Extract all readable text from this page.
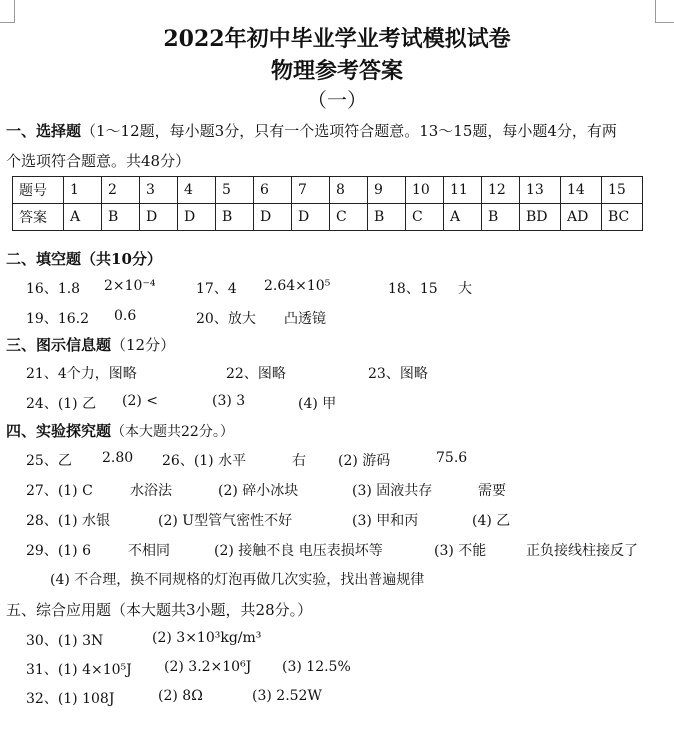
2022年初中毕业学业考试模拟试卷
物理参考答案
（一）
一、选择题（1～12题，每小题3分，只有一个选项符合题意。13～15题，每小题4分，有两
个选项符合题意。共48分）
题号	1	2	3	4	5	6	7	8	9	10	11	12	13	14	15
答案	A	B	D	D	B	D	D	C	B	C	A	B	BD	AD	BC
二、填空题（共10分）
16、1.8 2×10⁻⁴	17、4 2.64×10⁵	18、15 大
19、16.2 0.6	20、放大 凸透镜
三、图示信息题（12分）
21、4个力，图略	22、图略	23、图略
24、(1) 乙 (2) <	(3) 3	(4) 甲
四、实验探究题（本大题共22分。）
25、乙 2.80 26、(1) 水平	右 (2) 游码	75.6
27、(1) C	水浴法	(2) 碎小冰块	(3) 固液共存	需要
28、(1) 水银	(2) U型管气密性不好	(3) 甲和丙	(4) 乙
29、(1) 6	不相同	(2) 接触不良 电压表损坏等	(3) 不能	正负接线柱接反了
(4) 不合理，换不同规格的灯泡再做几次实验，找出普遍规律
五、综合应用题（本大题共3小题，共28分。）
30、(1) 3N	(2) 3×10³kg/m³
31、(1) 4×10⁵J (2) 3.2×10⁶J (3) 12.5%
32、(1) 108J	(2) 8Ω	(3) 2.52W
